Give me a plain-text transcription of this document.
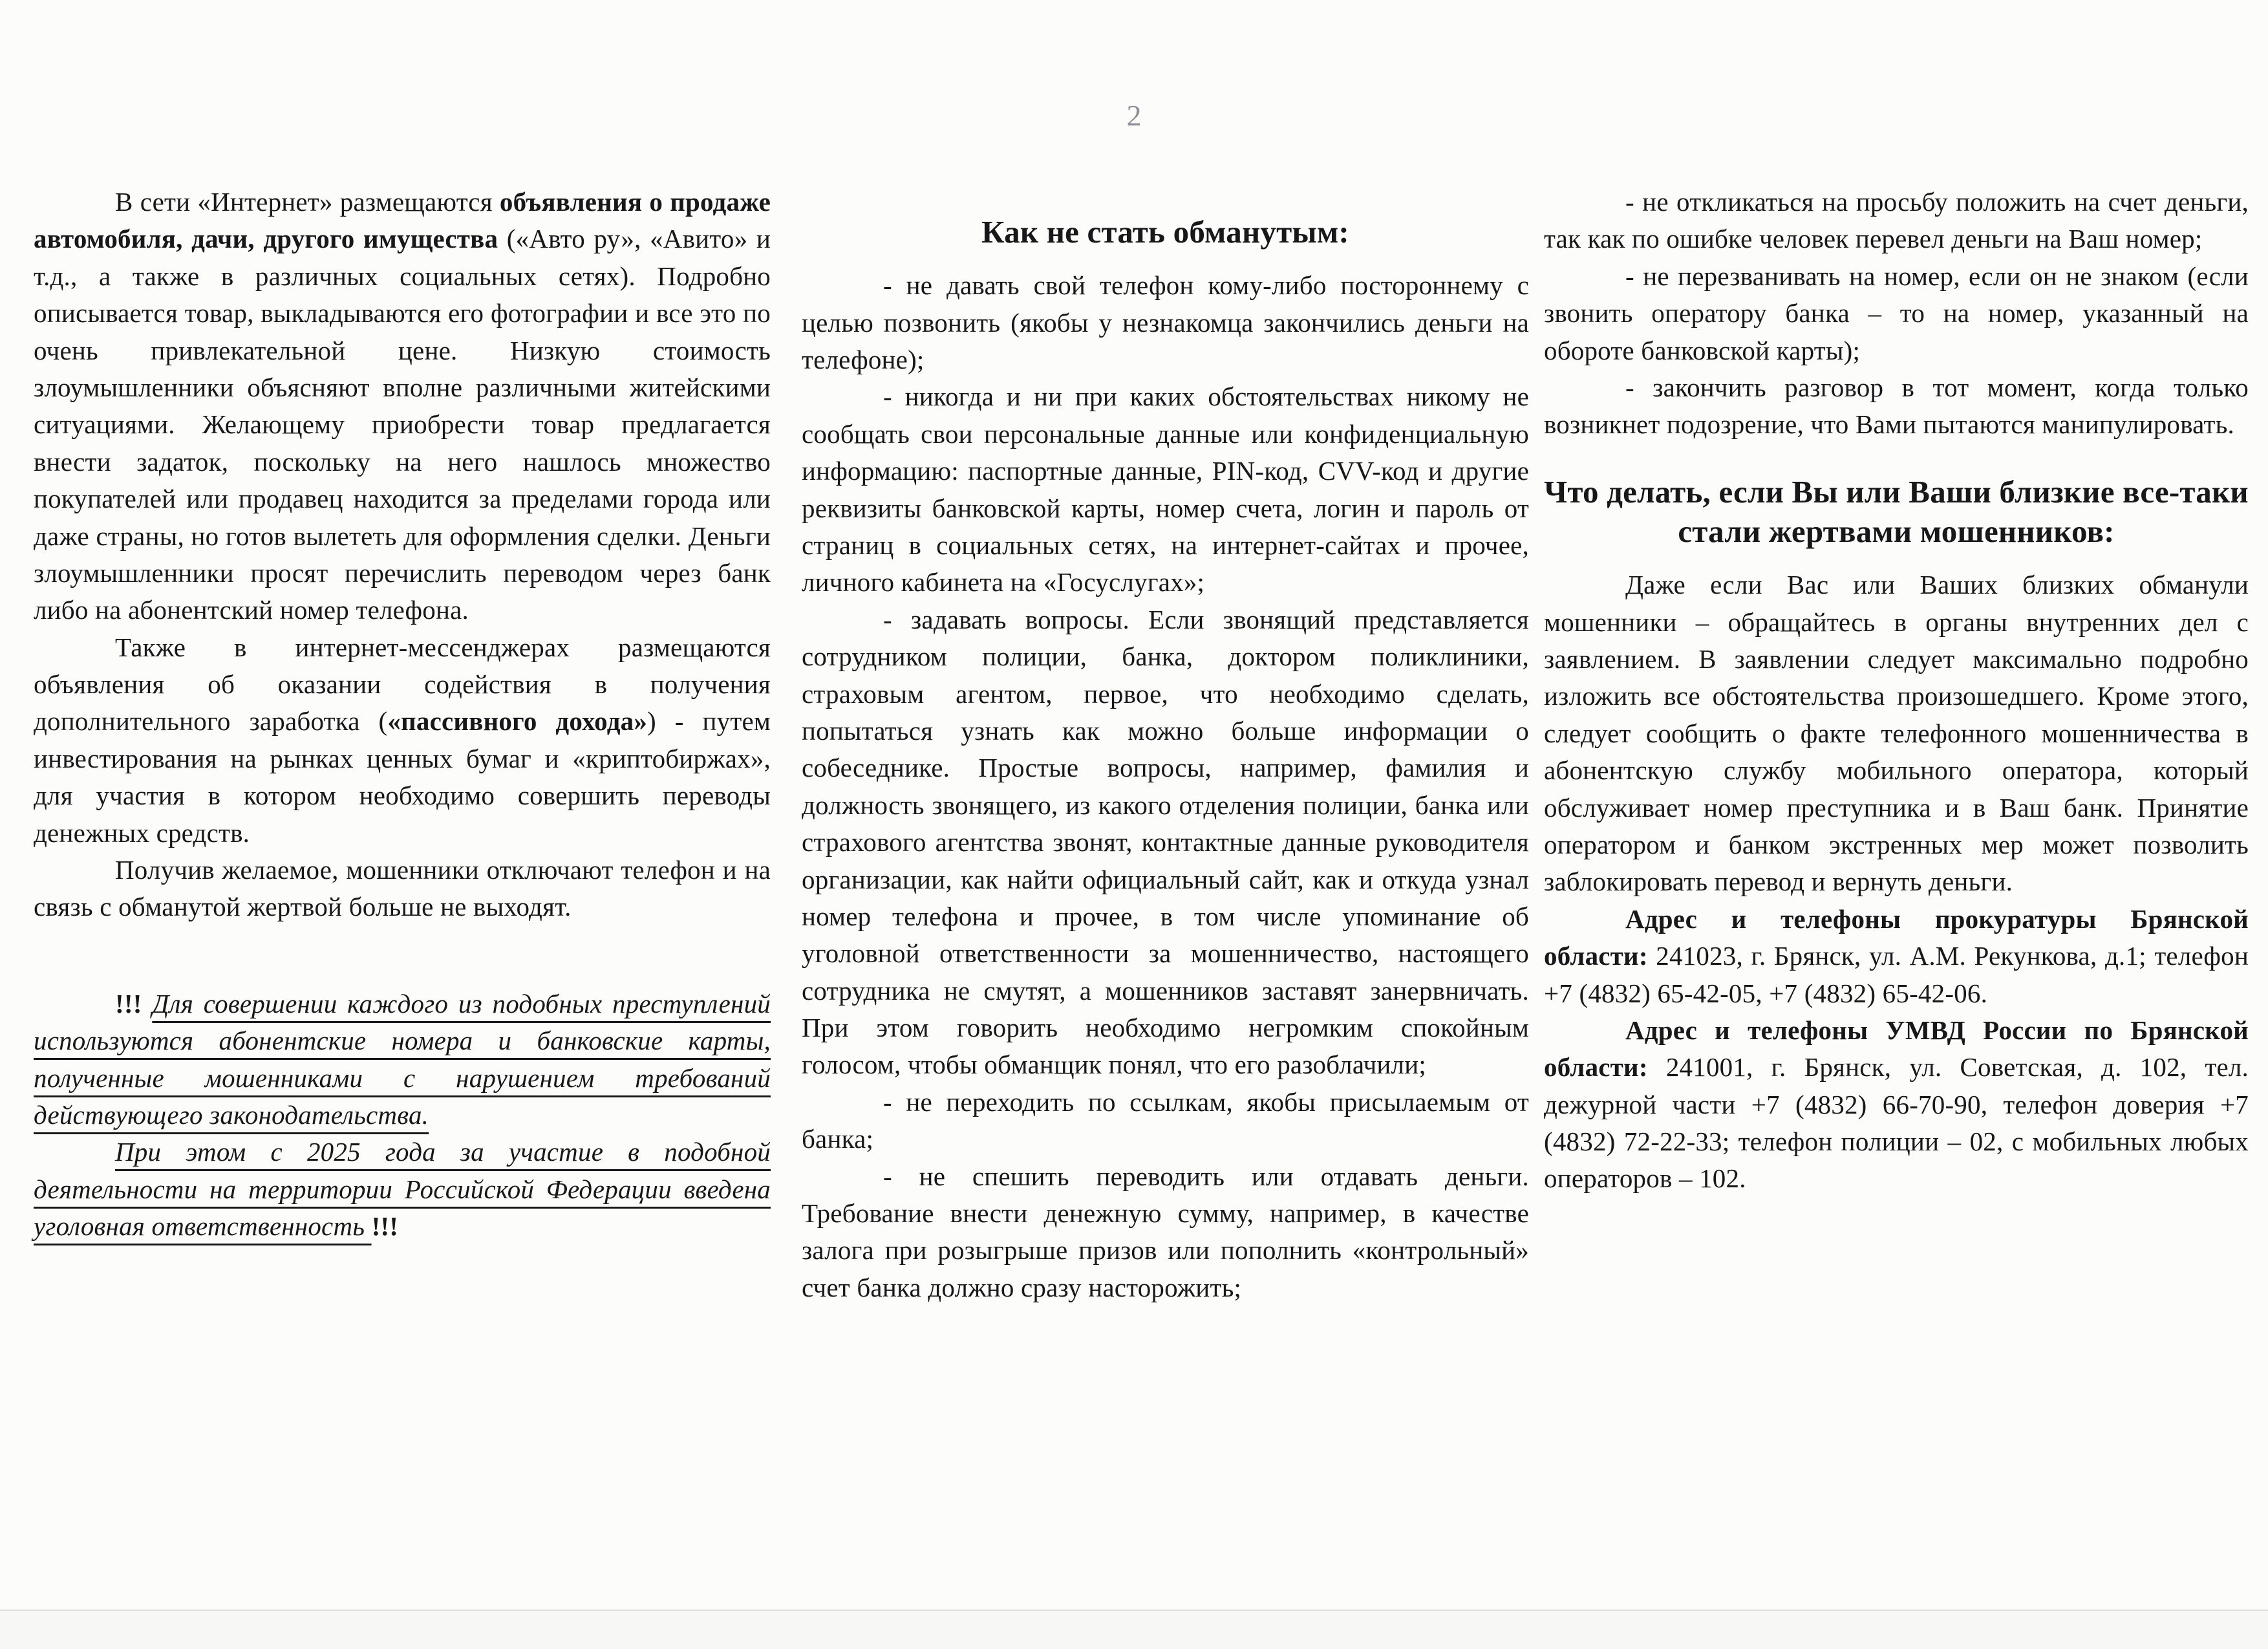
2

В сети «Интернет» размещаются объявления о продаже автомобиля, дачи, другого имущества («Авто ру», «Авито» и т.д., а также в различных социальных сетях). Подробно описывается товар, выкладываются его фотографии и все это по очень привлекательной цене. Низкую стоимость злоумышленники объясняют вполне различными житейскими ситуациями. Желающему приобрести товар предлагается внести задаток, поскольку на него нашлось множество покупателей или продавец находится за пределами города или даже страны, но готов вылететь для оформления сделки. Деньги злоумышленники просят перечислить переводом через банк либо на абонентский номер телефона.

Также в интернет-мессенджерах размещаются объявления об оказании содействия в получения дополнительного заработка («пассивного дохода») - путем инвестирования на рынках ценных бумаг и «криптобиржах», для участия в котором необходимо совершить переводы денежных средств.

Получив желаемое, мошенники отключают телефон и на связь с обманутой жертвой больше не выходят.

!!! Для совершении каждого из подобных преступлений используются абонентские номера и банковские карты, полученные мошенниками с нарушением требований действующего законодательства.

При этом с 2025 года за участие в подобной деятельности на территории Российской Федерации введена уголовная ответственность !!!

Как не стать обманутым:

- не давать свой телефон кому-либо постороннему с целью позвонить (якобы у незнакомца закончились деньги на телефоне);

- никогда и ни при каких обстоятельствах никому не сообщать свои персональные данные или конфиденциальную информацию: паспортные данные, PIN-код, CVV-код и другие реквизиты банковской карты, номер счета, логин и пароль от страниц в социальных сетях, на интернет-сайтах и прочее, личного кабинета на «Госуслугах»;

- задавать вопросы. Если звонящий представляется сотрудником полиции, банка, доктором поликлиники, страховым агентом, первое, что необходимо сделать, попытаться узнать как можно больше информации о собеседнике. Простые вопросы, например, фамилия и должность звонящего, из какого отделения полиции, банка или страхового агентства звонят, контактные данные руководителя организации, как найти официальный сайт, как и откуда узнал номер телефона и прочее, в том числе упоминание об уголовной ответственности за мошенничество, настоящего сотрудника не смутят, а мошенников заставят занервничать. При этом говорить необходимо негромким спокойным голосом, чтобы обманщик понял, что его разоблачили;

- не переходить по ссылкам, якобы присылаемым от банка;

- не спешить переводить или отдавать деньги. Требование внести денежную сумму, например, в качестве залога при розыгрыше призов или пополнить «контрольный» счет банка должно сразу насторожить;

- не откликаться на просьбу положить на счет деньги, так как по ошибке человек перевел деньги на Ваш номер;

- не перезванивать на номер, если он не знаком (если звонить оператору банка – то на номер, указанный на обороте банковской карты);

- закончить разговор в тот момент, когда только возникнет подозрение, что Вами пытаются манипулировать.

Что делать, если Вы или Ваши близкие все-таки стали жертвами мошенников:

Даже если Вас или Ваших близких обманули мошенники – обращайтесь в органы внутренних дел с заявлением. В заявлении следует максимально подробно изложить все обстоятельства произошедшего. Кроме этого, следует сообщить о факте телефонного мошенничества в абонентскую службу мобильного оператора, который обслуживает номер преступника и в Ваш банк. Принятие оператором и банком экстренных мер может позволить заблокировать перевод и вернуть деньги.

Адрес и телефоны прокуратуры Брянской области: 241023, г. Брянск, ул. А.М. Рекункова, д.1; телефон +7 (4832) 65-42-05, +7 (4832) 65-42-06.

Адрес и телефоны УМВД России по Брянской области: 241001, г. Брянск, ул. Советская, д. 102, тел. дежурной части +7 (4832) 66-70-90, телефон доверия +7 (4832) 72-22-33; телефон полиции – 02, с мобильных любых операторов – 102.
